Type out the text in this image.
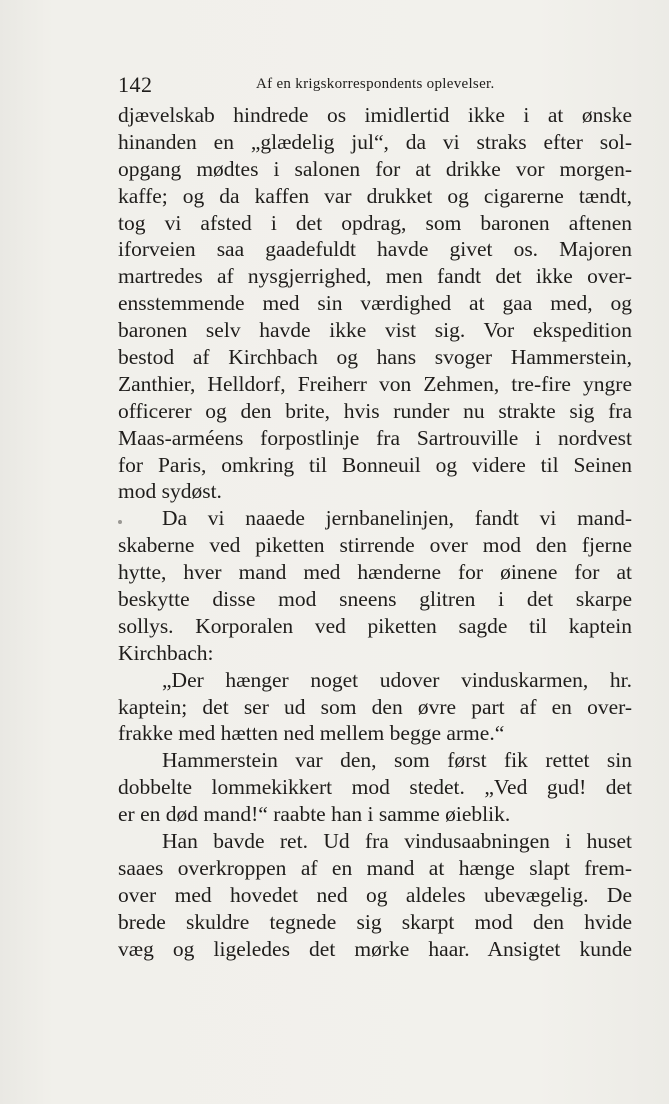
142	Af en krigskorrespondents oplevelser.
djævelskab hindrede os imidlertid ikke i at ønske
hinanden en „glædelig jul“, da vi straks efter sol-
opgang mødtes i salonen for at drikke vor morgen-
kaffe; og da kaffen var drukket og cigarerne tændt,
tog vi afsted i det opdrag, som baronen aftenen
iforveien saa gaadefuldt havde givet os. Majoren
martredes af nysgjerrighed, men fandt det ikke over-
ensstemmende med sin værdighed at gaa med, og
baronen selv havde ikke vist sig. Vor ekspedition
bestod af Kirchbach og hans svoger Hammerstein,
Zanthier, Helldorf, Freiherr von Zehmen, tre-fire yngre
officerer og den brite, hvis runder nu strakte sig fra
Maas-arméens forpostlinje fra Sartrouville i nordvest
for Paris, omkring til Bonneuil og videre til Seinen
mod sydøst.
Da vi naaede jernbanelinjen, fandt vi mand-
skaberne ved piketten stirrende over mod den fjerne
hytte, hver mand med hænderne for øinene for at
beskytte disse mod sneens glitren i det skarpe
sollys. Korporalen ved piketten sagde til kaptein
Kirchbach:
„Der hænger noget udover vinduskarmen, hr.
kaptein; det ser ud som den øvre part af en over-
frakke med hætten ned mellem begge arme.“
Hammerstein var den, som først fik rettet sin
dobbelte lommekikkert mod stedet. „Ved gud! det
er en død mand!“ raabte han i samme øieblik.
Han bavde ret. Ud fra vindusaabningen i huset
saaes overkroppen af en mand at hænge slapt frem-
over med hovedet ned og aldeles ubevægelig. De
brede skuldre tegnede sig skarpt mod den hvide
væg og ligeledes det mørke haar. Ansigtet kunde
